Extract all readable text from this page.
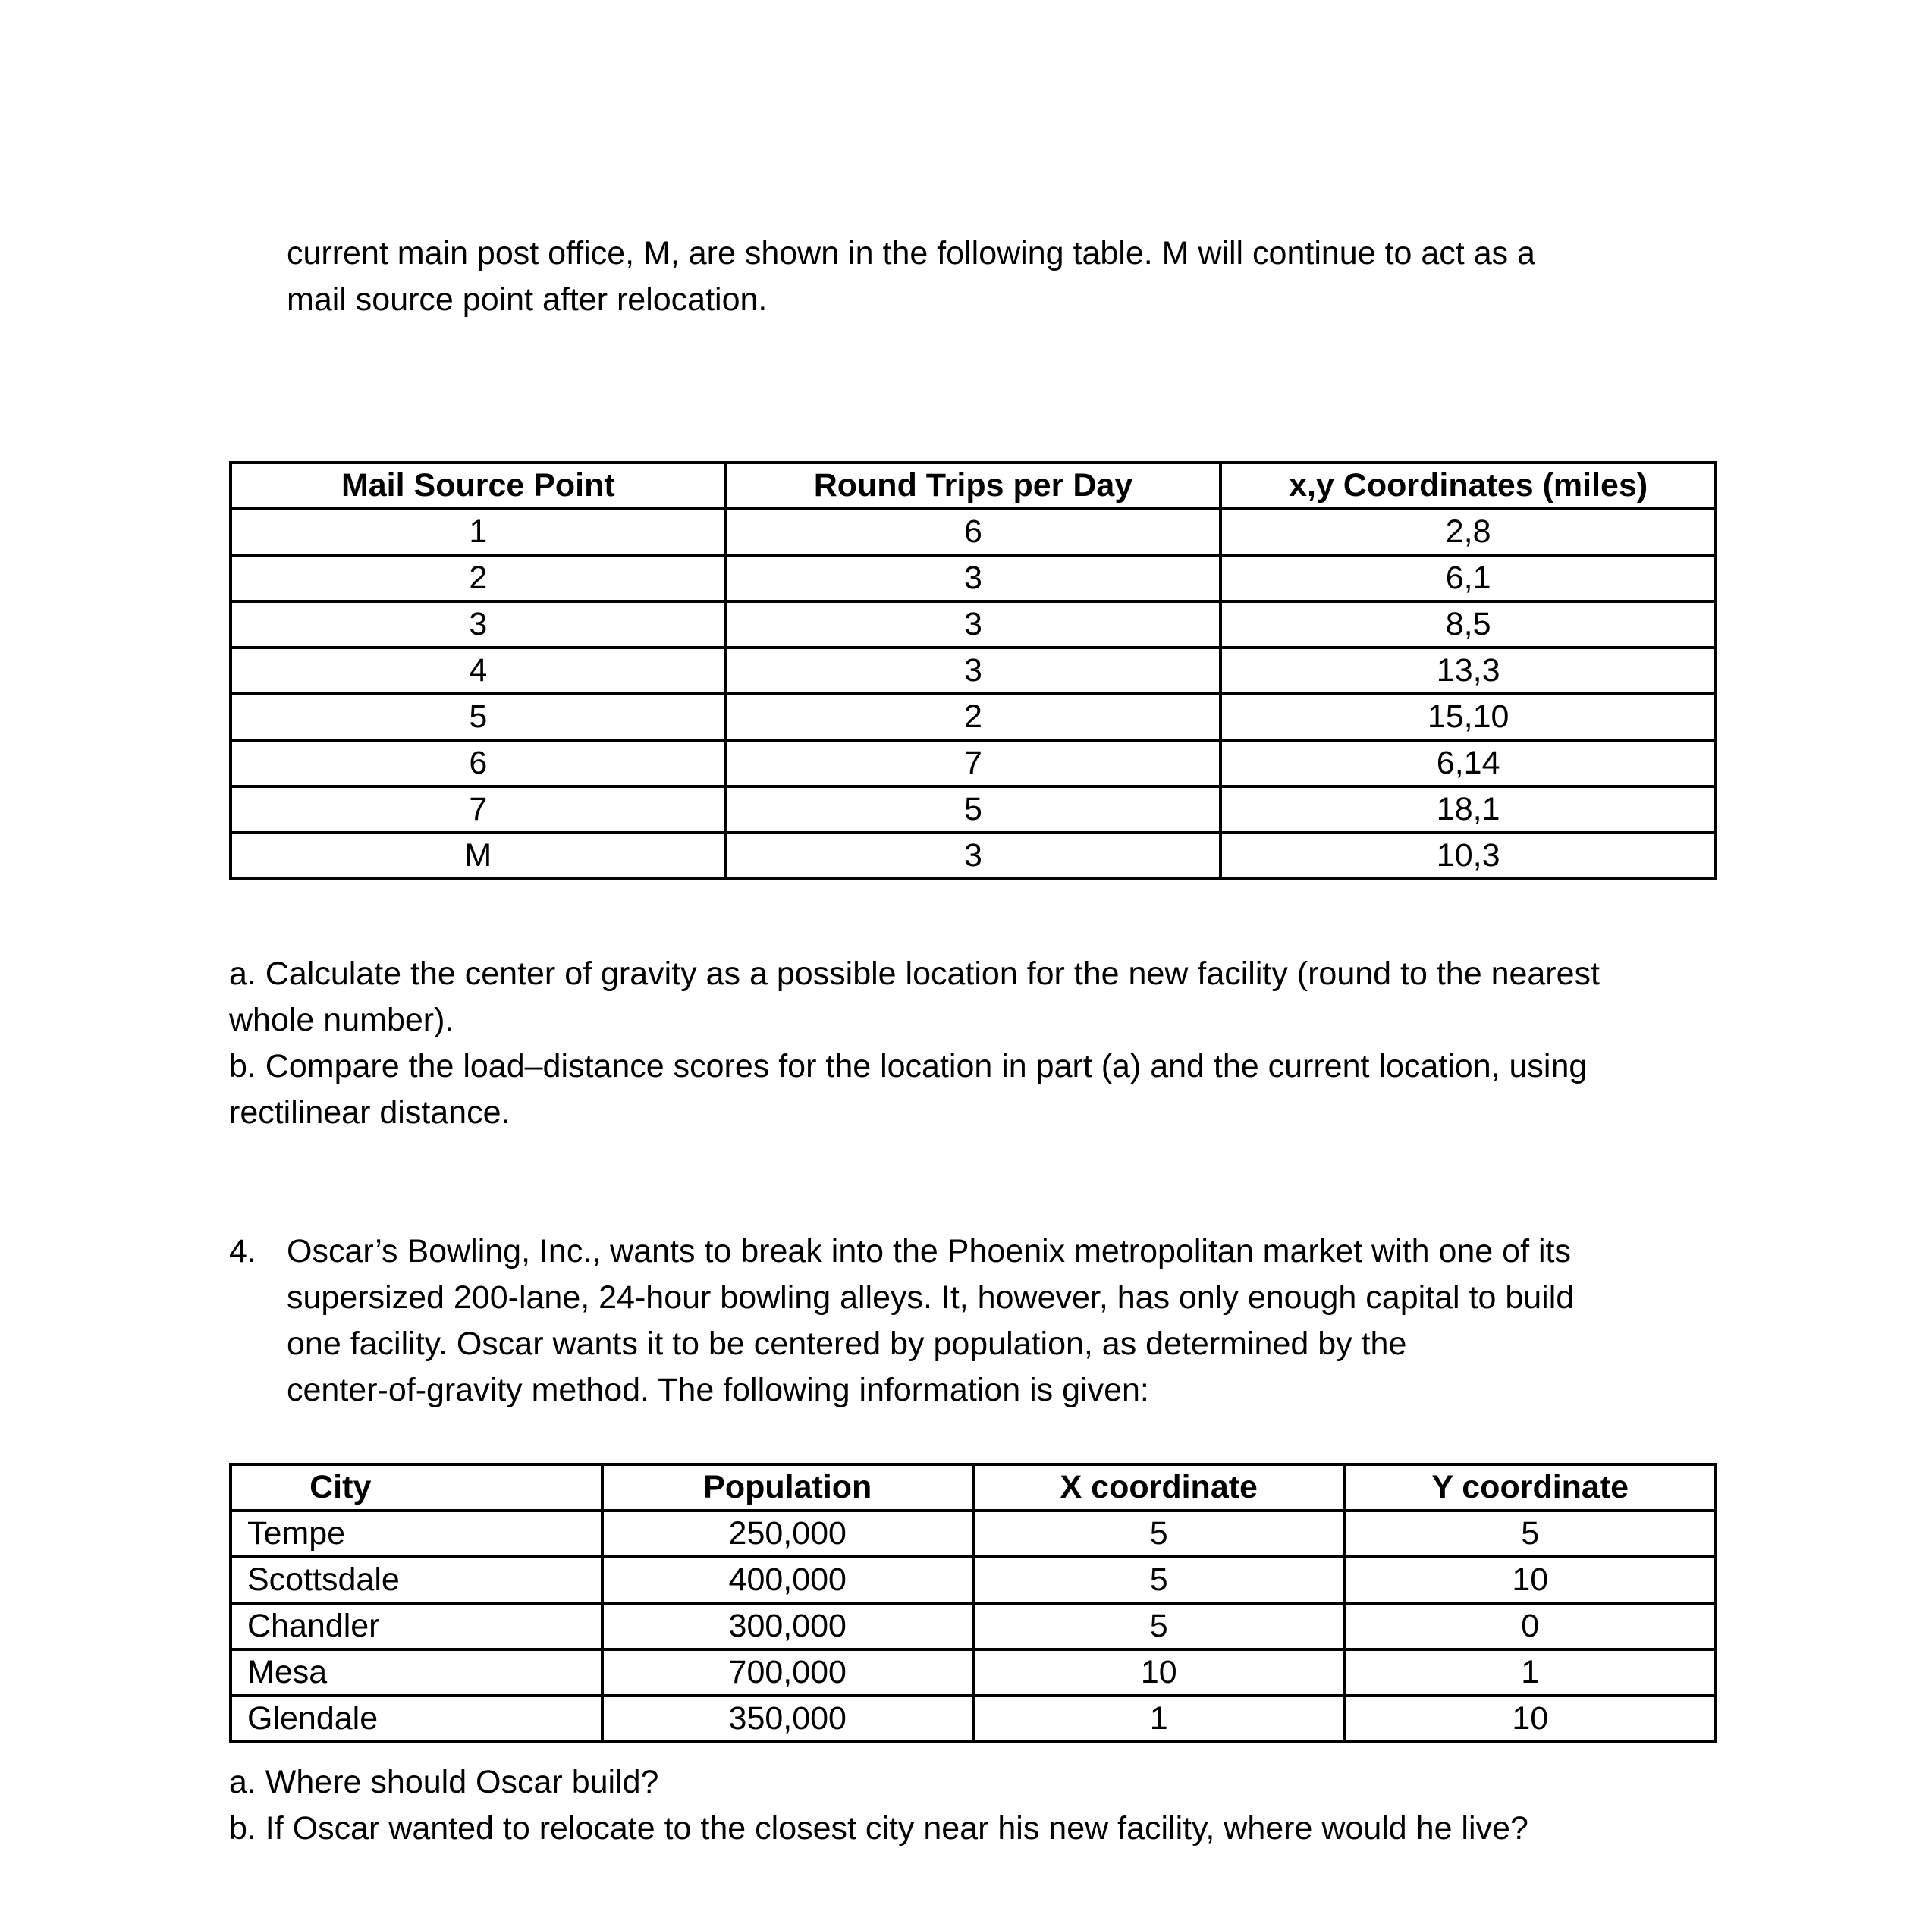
current main post office, M, are shown in the following table. M will continue to act as a
mail source point after relocation.

Mail Source Point	Round Trips per Day	x,y Coordinates (miles)
1	6	2,8
2	3	6,1
3	3	8,5
4	3	13,3
5	2	15,10
6	7	6,14
7	5	18,1
M	3	10,3

a. Calculate the center of gravity as a possible location for the new facility (round to the nearest
whole number).
b. Compare the load–distance scores for the location in part (a) and the current location, using
rectilinear distance.

4. Oscar’s Bowling, Inc., wants to break into the Phoenix metropolitan market with one of its
supersized 200-lane, 24-hour bowling alleys. It, however, has only enough capital to build
one facility. Oscar wants it to be centered by population, as determined by the
center-of-gravity method. The following information is given:

City	Population	X coordinate	Y coordinate
Tempe	250,000	5	5
Scottsdale	400,000	5	10
Chandler	300,000	5	0
Mesa	700,000	10	1
Glendale	350,000	1	10

a. Where should Oscar build?
b. If Oscar wanted to relocate to the closest city near his new facility, where would he live?
